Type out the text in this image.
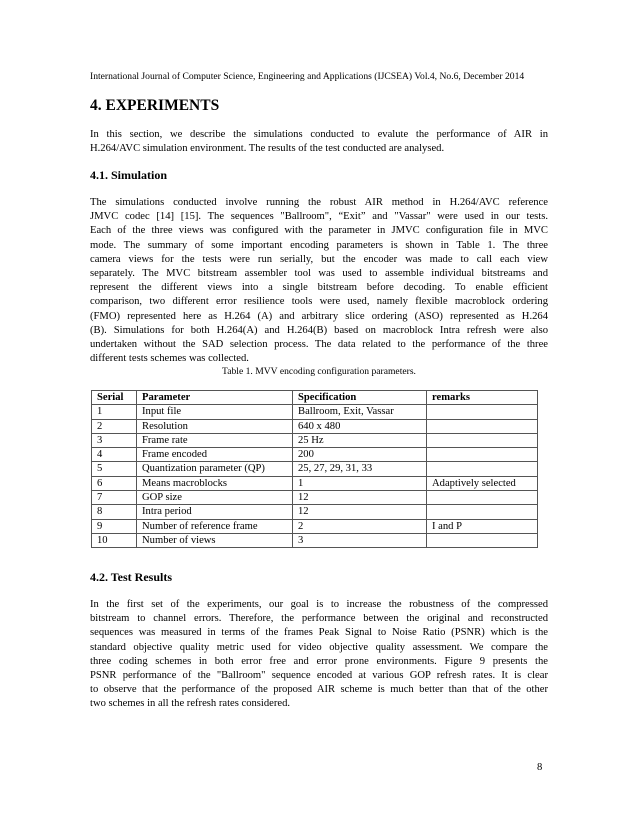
International Journal of Computer Science, Engineering and Applications (IJCSEA) Vol.4, No.6, December 2014
4. EXPERIMENTS
In this section, we describe the simulations conducted to evalute the performance of AIR in
H.264/AVC simulation environment. The results of the test conducted are analysed.
4.1. Simulation
The simulations conducted involve running the robust AIR method in H.264/AVC reference
JMVC codec [14] [15]. The sequences "Ballroom", “Exit” and "Vassar" were used in our tests.
Each of the three views was configured with the parameter in JMVC configuration file in MVC
mode. The summary of some important encoding parameters is shown in Table 1. The three
camera views for the tests were run serially, but the encoder was made to call each view
separately. The MVC bitstream assembler tool was used to assemble individual bitstreams and
represent the different views into a single bitstream before decoding. To enable efficient
comparison, two different error resilience tools were used, namely flexible macroblock ordering
(FMO) represented here as H.264 (A) and arbitrary slice ordering (ASO) represented as H.264
(B). Simulations for both H.264(A) and H.264(B) based on macroblock Intra refresh were also
undertaken without the SAD selection process. The data related to the performance of the three
different tests schemes was collected.
Table 1. MVV encoding configuration parameters.
Serial	Parameter	Specification	remarks
1	Input file	Ballroom, Exit, Vassar	
2	Resolution	640 x 480	
3	Frame rate	25 Hz	
4	Frame encoded	200	
5	Quantization parameter (QP)	25, 27, 29, 31, 33	
6	Means macroblocks	1	Adaptively selected
7	GOP size	12	
8	Intra period	12	
9	Number of reference frame	2	I and P
10	Number of views	3	
4.2. Test Results
In the first set of the experiments, our goal is to increase the robustness of the compressed
bitstream to channel errors. Therefore, the performance between the original and reconstructed
sequences was measured in terms of the frames Peak Signal to Noise Ratio (PSNR) which is the
standard objective quality metric used for video objective quality assessment. We compare the
three coding schemes in both error free and error prone environments. Figure 9 presents the
PSNR performance of the "Ballroom" sequence encoded at various GOP refresh rates. It is clear
to observe that the performance of the proposed AIR scheme is much better than that of the other
two schemes in all the refresh rates considered.
8
